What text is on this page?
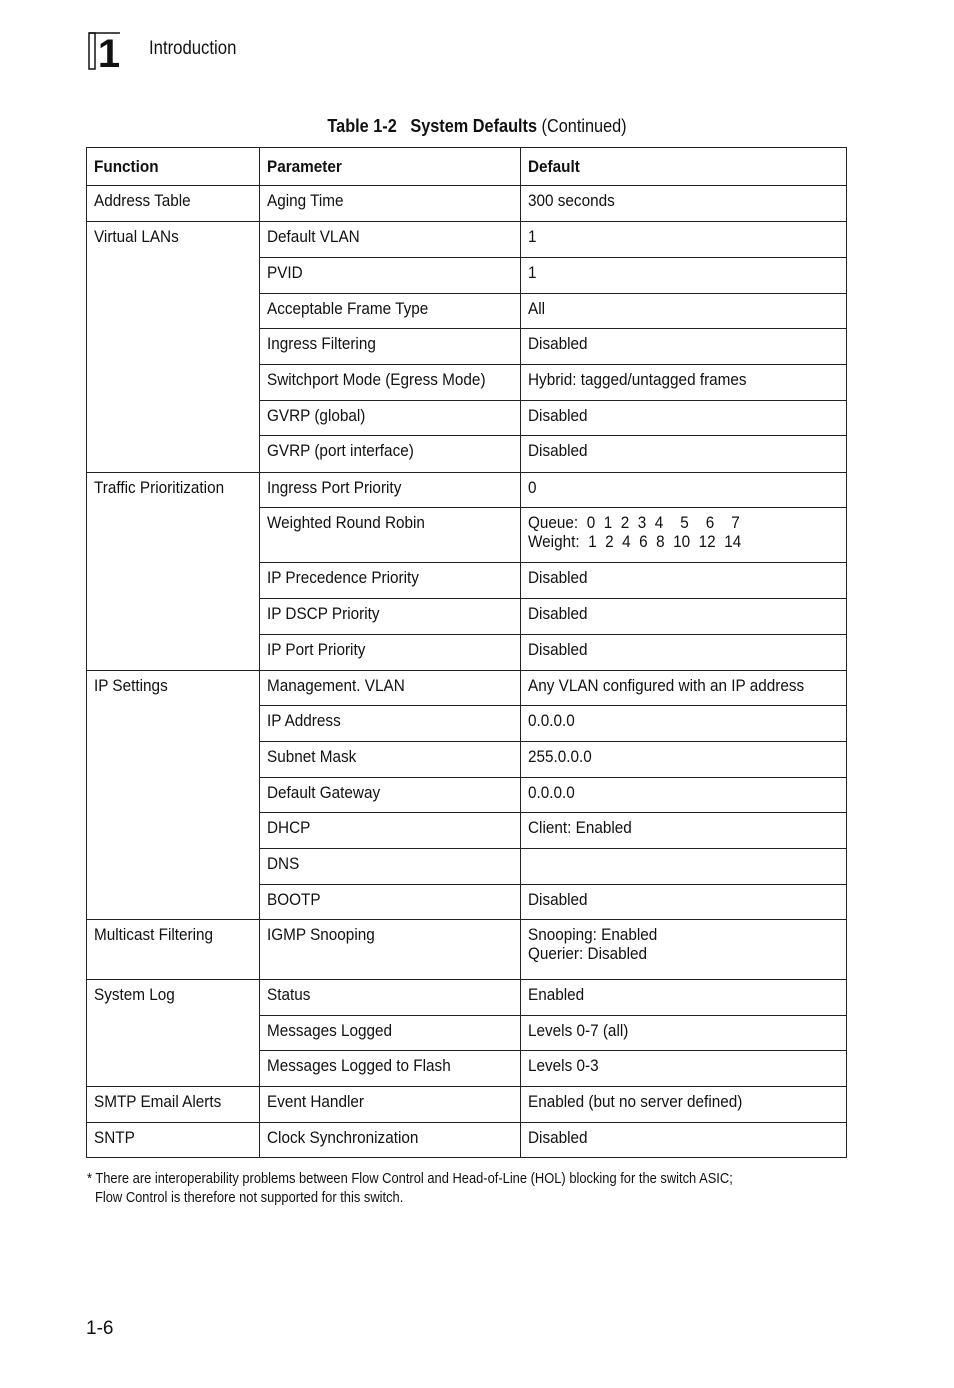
1 Introduction
Table 1-2 System Defaults (Continued)
Function	Parameter	Default
Address Table	Aging Time	300 seconds

Virtual LANs	Default VLAN	1

	PVID	1

	Acceptable Frame Type	All

	Ingress Filtering	Disabled

	Switchport Mode (Egress Mode)	Hybrid: tagged/untagged frames

	GVRP (global)	Disabled

	GVRP (port interface)	Disabled

Traffic Prioritization	Ingress Port Priority	0

	Weighted Round Robin	Queue:  0  1  2  3  4    5    6    7
Weight:  1  2  4  6  8  10  12  14

	IP Precedence Priority	Disabled

	IP DSCP Priority	Disabled

	IP Port Priority	Disabled

IP Settings	Management. VLAN	Any VLAN configured with an IP address

	IP Address	0.0.0.0

	Subnet Mask	255.0.0.0

	Default Gateway	0.0.0.0

	DHCP	Client: Enabled

	DNS	

	BOOTP	Disabled

Multicast Filtering	IGMP Snooping	Snooping: Enabled
Querier: Disabled

System Log	Status	Enabled

	Messages Logged	Levels 0-7 (all)

	Messages Logged to Flash	Levels 0-3

SMTP Email Alerts	Event Handler	Enabled (but no server defined)

SNTP	Clock Synchronization	Disabled
* There are interoperability problems between Flow Control and Head-of-Line (HOL) blocking for the switch ASIC;
Flow Control is therefore not supported for this switch.
1-6
